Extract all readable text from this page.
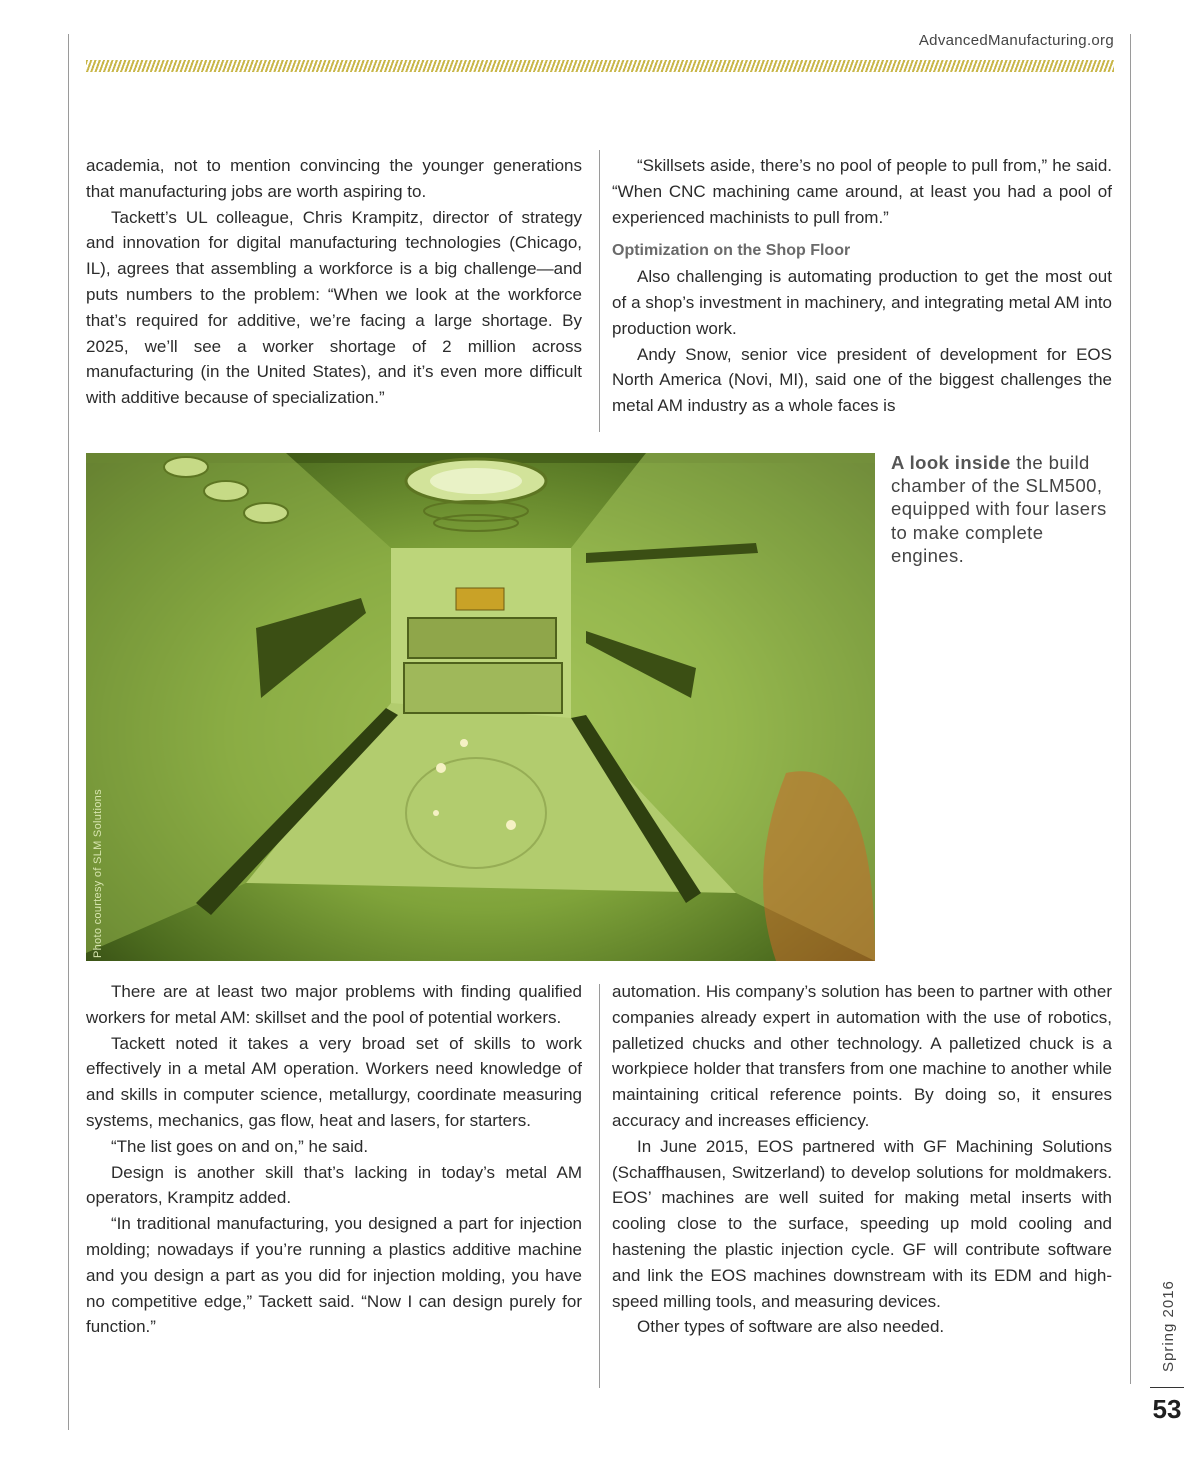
AdvancedManufacturing.org

academia, not to mention convincing the younger generations that manufacturing jobs are worth aspiring to.

Tackett’s UL colleague, Chris Krampitz, director of strategy and innovation for digital manufacturing technologies (Chicago, IL), agrees that assembling a workforce is a big challenge—and puts numbers to the problem: “When we look at the workforce that’s required for additive, we’re facing a large shortage. By 2025, we’ll see a worker shortage of 2 million across manufacturing (in the United States), and it’s even more difficult with additive because of specialization.”

“Skillsets aside, there’s no pool of people to pull from,” he said. “When CNC machining came around, at least you had a pool of experienced machinists to pull from.”

Optimization on the Shop Floor

Also challenging is automating production to get the most out of a shop’s investment in machinery, and integrating metal AM into production work.

Andy Snow, senior vice president of development for EOS North America (Novi, MI), said one of the biggest challenges the metal AM industry as a whole faces is

Photo courtesy of SLM Solutions
A look inside the build chamber of the SLM500, equipped with four lasers to make complete engines.

There are at least two major problems with finding qualified workers for metal AM: skillset and the pool of potential workers.

Tackett noted it takes a very broad set of skills to work effectively in a metal AM operation. Workers need knowledge of and skills in computer science, metallurgy, coordinate measuring systems, mechanics, gas flow, heat and lasers, for starters.

“The list goes on and on,” he said.

Design is another skill that’s lacking in today’s metal AM operators, Krampitz added.

“In traditional manufacturing, you designed a part for injection molding; nowadays if you’re running a plastics additive machine and you design a part as you did for injection molding, you have no competitive edge,” Tackett said. “Now I can design purely for function.”

automation. His company’s solution has been to partner with other companies already expert in automation with the use of robotics, palletized chucks and other technology. A palletized chuck is a workpiece holder that transfers from one machine to another while maintaining critical reference points. By doing so, it ensures accuracy and increases efficiency.

In June 2015, EOS partnered with GF Machining Solutions (Schaffhausen, Switzerland) to develop solutions for moldmakers. EOS’ machines are well suited for making metal inserts with cooling close to the surface, speeding up mold cooling and hastening the plastic injection cycle. GF will contribute software and link the EOS machines downstream with its EDM and high-speed milling tools, and measuring devices.

Other types of software are also needed.	Spring 2016
53
